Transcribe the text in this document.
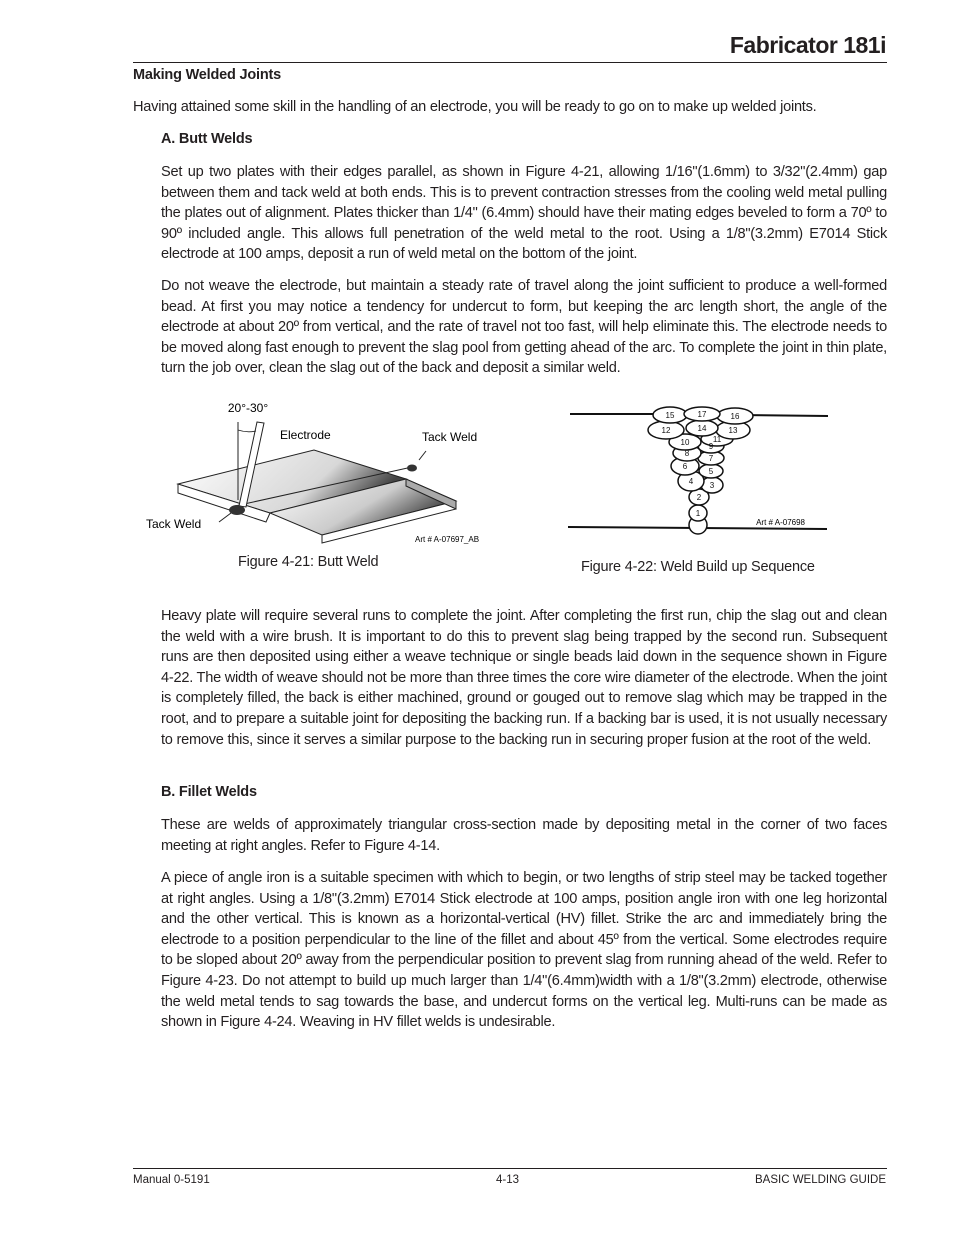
Fabricator 181i
Making Welded Joints

Having attained some skill in the handling of an electrode, you will be ready to go on to make up welded joints.

A. Butt Welds

Set up two plates with their edges parallel, as shown in Figure 4-21, allowing 1/16"(1.6mm) to 3/32"(2.4mm) gap between them and tack weld at both ends. This is to prevent contraction stresses from the cooling weld metal pulling the plates out of alignment. Plates thicker than 1/4" (6.4mm) should have their mating edges beveled to form a 70º to 90º included angle. This allows full penetration of the weld metal to the root. Using a 1/8"(3.2mm) E7014 Stick electrode at 100 amps, deposit a run of weld metal on the bottom of the joint.

Do not weave the electrode, but maintain a steady rate of travel along the joint sufficient to produce a well-formed bead. At first you may notice a tendency for undercut to form, but keeping the arc length short, the angle of the electrode at about 20º from vertical, and the rate of travel not too fast, will help eliminate this. The electrode needs to be moved along fast enough to prevent the slag pool from getting ahead of the arc. To complete the joint in thin plate, turn the job over, clean the slag out of the back and deposit a similar weld.

20°-30°
Electrode	Tack Weld
Tack Weld
Art # A-07697_AB
Figure 4-21: Butt Weld
1
2
3
4
5
6
7
8
9
10	11
12	13
14
15	16
17
Art # A-07698
Figure 4-22: Weld Build up Sequence

Heavy plate will require several runs to complete the joint. After completing the first run, chip the slag out and clean the weld with a wire brush. It is important to do this to prevent slag being trapped by the second run. Subsequent runs are then deposited using either a weave technique or single beads laid down in the sequence shown in Figure 4-22. The width of weave should not be more than three times the core wire diameter of the electrode. When the joint is completely filled, the back is either machined, ground or gouged out to remove slag which may be trapped in the root, and to prepare a suitable joint for depositing the backing run. If a backing bar is used, it is not usually necessary to remove this, since it serves a similar purpose to the backing run in securing proper fusion at the root of the weld.

B. Fillet Welds

These are welds of approximately triangular cross-section made by depositing metal in the corner of two faces meeting at right angles. Refer to Figure 4-14.

A piece of angle iron is a suitable specimen with which to begin, or two lengths of strip steel may be tacked together at right angles. Using a 1/8"(3.2mm) E7014 Stick electrode at 100 amps, position angle iron with one leg horizontal and the other vertical. This is known as a horizontal-vertical (HV) fillet. Strike the arc and immediately bring the electrode to a position perpendicular to the line of the fillet and about 45º from the vertical. Some electrodes require to be sloped about 20º away from the perpendicular position to prevent slag from running ahead of the weld. Refer to Figure 4-23. Do not attempt to build up much larger than 1/4"(6.4mm)width with a 1/8"(3.2mm) electrode, otherwise the weld metal tends to sag towards the base, and undercut forms on the vertical leg. Multi-runs can be made as shown in Figure 4-24. Weaving in HV fillet welds is undesirable.

Manual 0-5191	4-13	BASIC WELDING GUIDE
